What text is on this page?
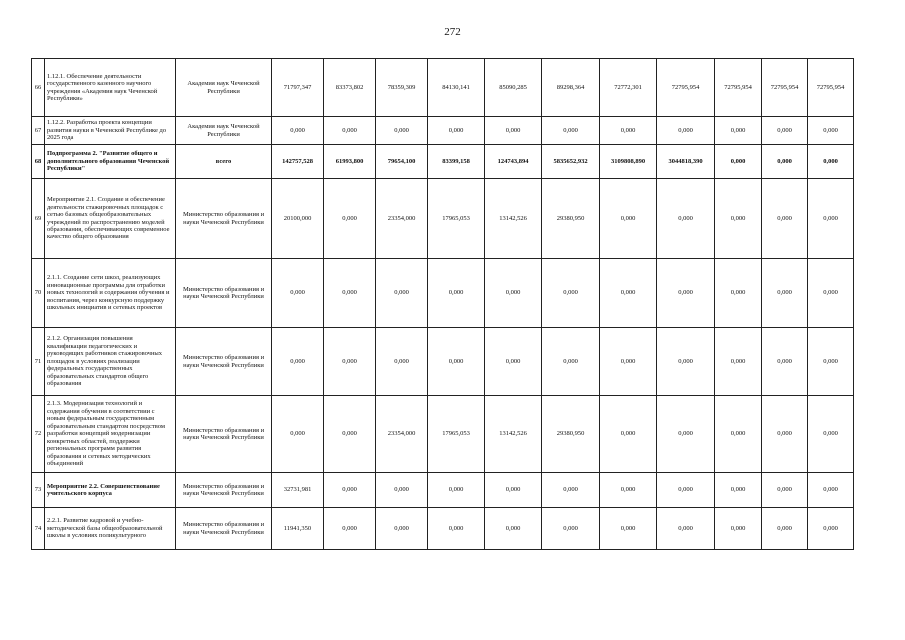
272
66	1.12.1. Обеспечение деятельности государственного казенного научного учреждения «Академия наук Чеченской Республики»	Академия наук Чеченской Республики	71797,347	83373,802	78359,309	84130,141	85090,285	89298,364	72772,301	72795,954	72795,954	72795,954	72795,954
67	1.12.2. Разработка проекта концепции развития науки в Чеченской Республике до 2025 года	Академия наук Чеченской Республики	0,000	0,000	0,000	0,000	0,000	0,000	0,000	0,000	0,000	0,000	0,000
68	Подпрограмма 2. "Развитие общего и дополнительного образования Чеченской Республики"	всего	142757,528	61993,800	79654,100	83399,158	124743,894	5835652,932	3109808,890	3044818,390	0,000	0,000	0,000
69	Мероприятие 2.1. Создание и обеспечение деятельности стажировочных площадок с сетью базовых общеобразовательных учреждений по распространению моделей образования, обеспечивающих современное качество общего образования	Министерство образования и науки Чеченской Республики	20100,000	0,000	23354,000	17965,053	13142,526	29380,950	0,000	0,000	0,000	0,000	0,000
70	2.1.1. Создание сети школ, реализующих инновационные программы для отработки новых технологий и содержания обучения и воспитания, через конкурсную поддержку школьных инициатив и сетевых проектов	Министерство образования и науки Чеченской Республики	0,000	0,000	0,000	0,000	0,000	0,000	0,000	0,000	0,000	0,000	0,000
71	2.1.2. Организация повышения квалификации педагогических и руководящих работников стажировочных площадок в условиях реализации федеральных государственных образовательных стандартов общего образования	Министерство образования и науки Чеченской Республики	0,000	0,000	0,000	0,000	0,000	0,000	0,000	0,000	0,000	0,000	0,000
72	2.1.3. Модернизация технологий и содержания обучения в соответствии с новым федеральным государственным образовательным стандартом посредством разработки концепций модернизации конкретных областей, поддержки региональных программ развития образования и сетевых методических объединений	Министерство образования и науки Чеченской Республики	0,000	0,000	23354,000	17965,053	13142,526	29380,950	0,000	0,000	0,000	0,000	0,000
73	Мероприятие 2.2. Совершенствование учительского корпуса	Министерство образования и науки Чеченской Республики	32731,981	0,000	0,000	0,000	0,000	0,000	0,000	0,000	0,000	0,000	0,000
74	2.2.1. Развитие кадровой и учебно-методической базы общеобразовательной школы в условиях поликультурного	Министерство образования и науки Чеченской Республики	11941,350	0,000	0,000	0,000	0,000	0,000	0,000	0,000	0,000	0,000	0,000
